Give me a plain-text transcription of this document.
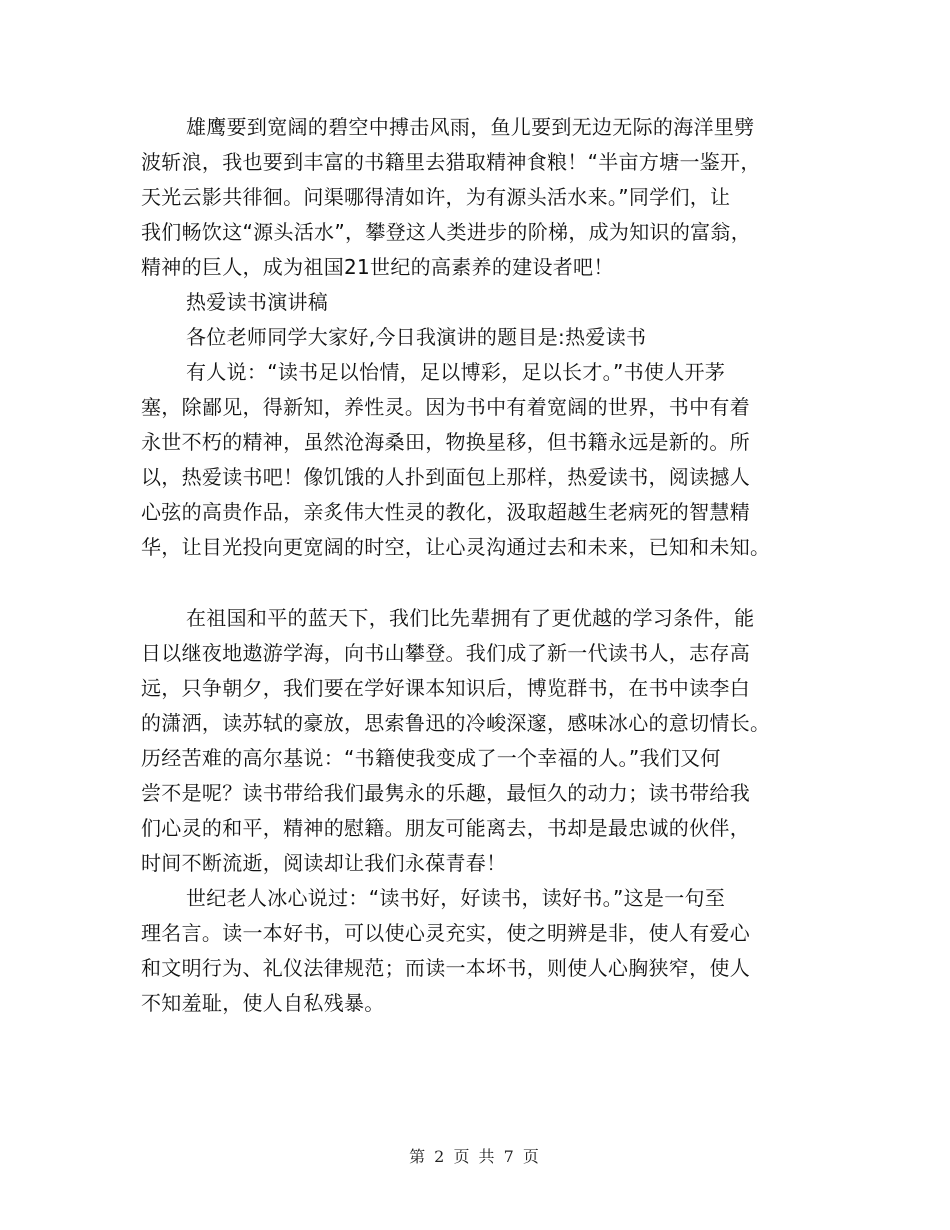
雄鹰要到宽阔的碧空中搏击风雨，鱼儿要到无边无际的海洋里劈
波斩浪，我也要到丰富的书籍里去猎取精神食粮！“半亩方塘一鉴开，
天光云影共徘徊。问渠哪得清如许，为有源头活水来。”同学们，让
我们畅饮这“源头活水”，攀登这人类进步的阶梯，成为知识的富翁，
精神的巨人，成为祖国21世纪的高素养的建设者吧！
热爱读书演讲稿
各位老师同学大家好,今日我演讲的题目是:热爱读书
有人说：“读书足以怡情，足以博彩，足以长才。”书使人开茅
塞，除鄙见，得新知，养性灵。因为书中有着宽阔的世界，书中有着
永世不朽的精神，虽然沧海桑田，物换星移，但书籍永远是新的。所
以，热爱读书吧！像饥饿的人扑到面包上那样，热爱读书，阅读撼人
心弦的高贵作品，亲炙伟大性灵的教化，汲取超越生老病死的智慧精
华，让目光投向更宽阔的时空，让心灵沟通过去和未来，已知和未知。
在祖国和平的蓝天下，我们比先辈拥有了更优越的学习条件，能
日以继夜地遨游学海，向书山攀登。我们成了新一代读书人，志存高
远，只争朝夕，我们要在学好课本知识后，博览群书，在书中读李白
的潇洒，读苏轼的豪放，思索鲁迅的冷峻深邃，感味冰心的意切情长。
历经苦难的高尔基说：“书籍使我变成了一个幸福的人。”我们又何
尝不是呢？读书带给我们最隽永的乐趣，最恒久的动力；读书带给我
们心灵的和平，精神的慰籍。朋友可能离去，书却是最忠诚的伙伴，
时间不断流逝，阅读却让我们永葆青春！
世纪老人冰心说过：“读书好，好读书，读好书。”这是一句至
理名言。读一本好书，可以使心灵充实，使之明辨是非，使人有爱心
和文明行为、礼仪法律规范；而读一本坏书，则使人心胸狭窄，使人
不知羞耻，使人自私残暴。
第 2 页 共 7 页
